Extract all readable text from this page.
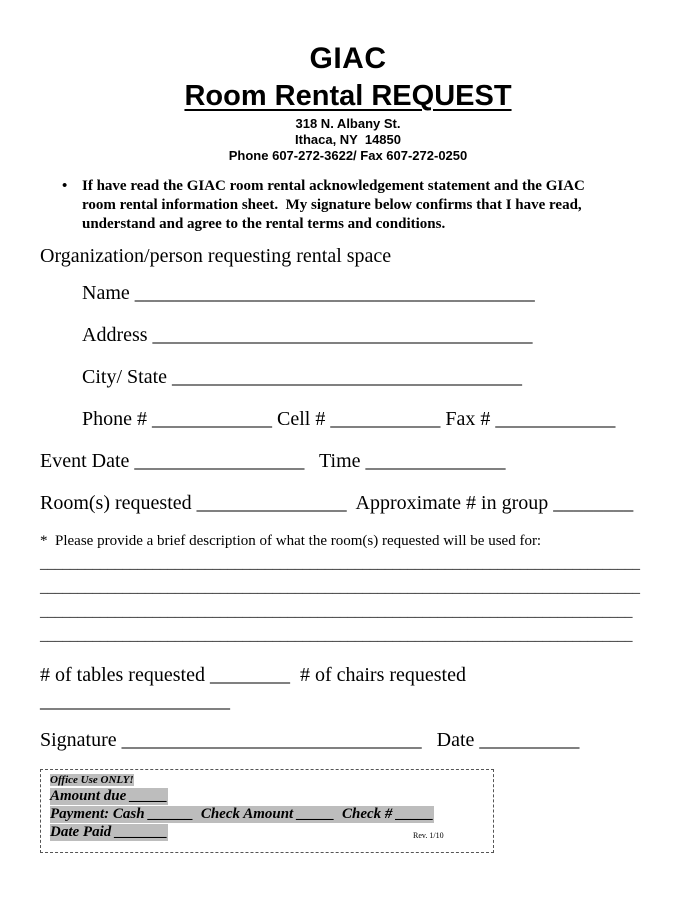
GIAC
Room Rental REQUEST
318 N. Albany St.
Ithaca, NY  14850
Phone 607-272-3622/ Fax 607-272-0250

•

If have read the GIAC room rental acknowledgement statement and the GIAC
room rental information sheet.  My signature below confirms that I have read,
understand and agree to the rental terms and conditions.

Organization/person requesting rental space
Name ________________________________________
Address ______________________________________
City/ State ___________________________________
Phone # ____________ Cell # ___________ Fax # ____________
Event Date _________________   Time ______________
Room(s) requested _______________  Approximate # in group ________
*  Please provide a brief description of what the room(s) requested will be used for:
________________________________________________________________________________
________________________________________________________________________________
_______________________________________________________________________________
_______________________________________________________________________________
# of tables requested ________  # of chairs requested
___________________
Signature ______________________________   Date __________
Office Use ONLY!
Amount due _____
Payment: Cash ______  Check Amount _____  Check # _____
Date Paid _______	Rev. 1/10
